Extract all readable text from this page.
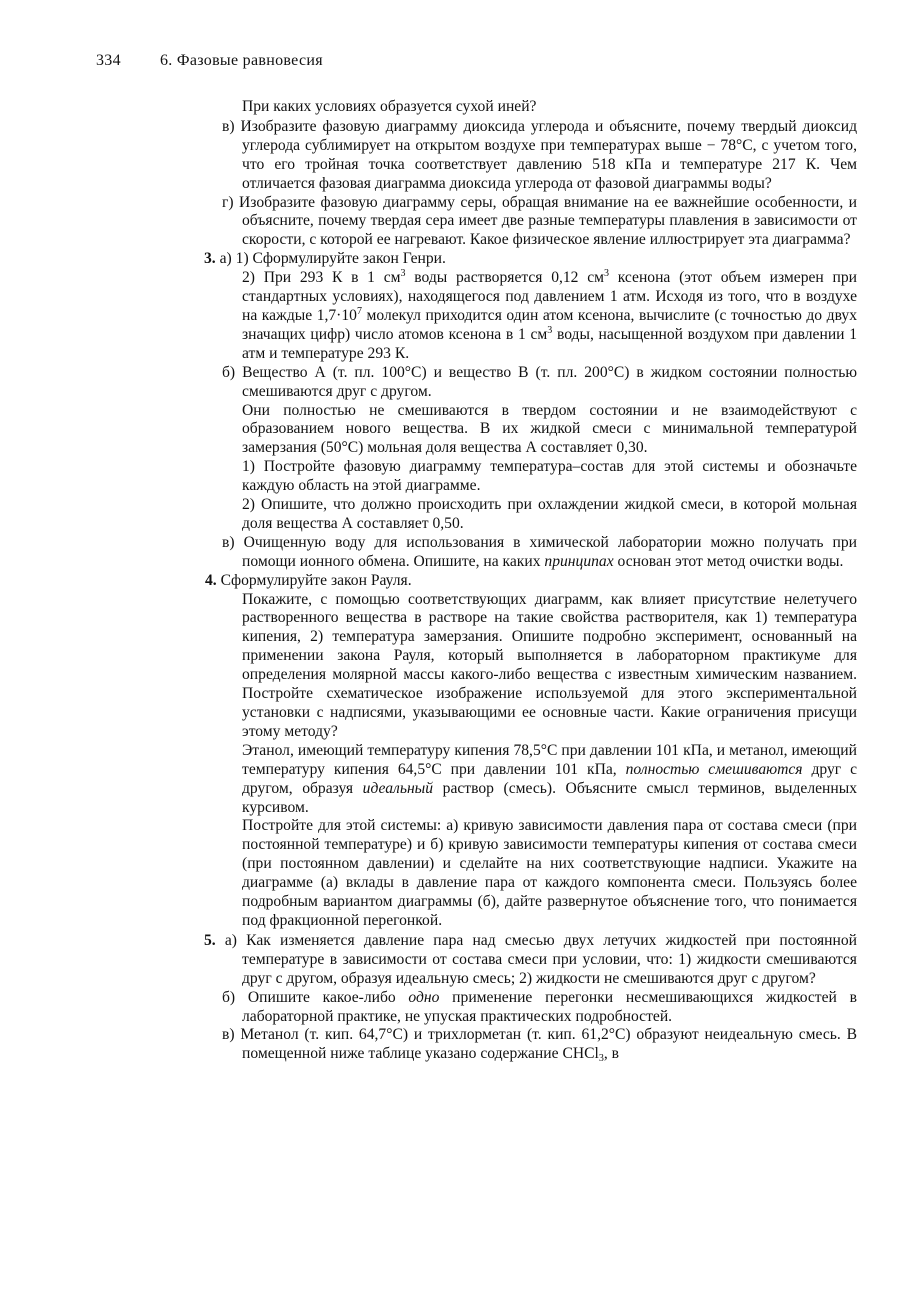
334 6. Фазовые равновесия

При каких условиях образуется сухой иней?

в) Изобразите фазовую диаграмму диоксида углерода и объясните, почему твердый диоксид углерода сублимирует на открытом воздухе при температурах выше − 78°C, с учетом того, что его тройная точка соответствует давлению 518 кПа и температуре 217 К. Чем отличается фазовая диаграмма диоксида углерода от фазовой диаграммы воды?

г) Изобразите фазовую диаграмму серы, обращая внимание на ее важнейшие особенности, и объясните, почему твердая сера имеет две разные температуры плавления в зависимости от скорости, с которой ее нагревают. Какое физическое явление иллюстрирует эта диаграмма?

3. а) 1) Сформулируйте закон Генри.

2) При 293 К в 1 $см^3$ воды растворяется 0,12 $см^3$ ксенона (этот объем измерен при стандартных условиях), находящегося под давлением 1 атм. Исходя из того, что в воздухе на каждые $1,7\cdot 10^7$ молекул приходится один атом ксенона, вычислите (с точностью до двух значащих цифр) число атомов ксенона в 1 $см^3$ воды, насыщенной воздухом при давлении 1 атм и температуре 293 К.

б) Вещество А (т. пл. 100°C) и вещество В (т. пл. 200°C) в жидком состоянии полностью смешиваются друг с другом.

Они полностью не смешиваются в твердом состоянии и не взаимодействуют с образованием нового вещества. В их жидкой смеси с минимальной температурой замерзания (50°C) мольная доля вещества А составляет 0,30.

1) Постройте фазовую диаграмму температура–состав для этой системы и обозначьте каждую область на этой диаграмме.

2) Опишите, что должно происходить при охлаждении жидкой смеси, в которой мольная доля вещества А составляет 0,50.

в) Очищенную воду для использования в химической лаборатории можно получать при помощи ионного обмена. Опишите, на каких принципах основан этот метод очистки воды.

4. Сформулируйте закон Рауля.

Покажите, с помощью соответствующих диаграмм, как влияет присутствие нелетучего растворенного вещества в растворе на такие свойства растворителя, как 1) температура кипения, 2) температура замерзания. Опишите подробно эксперимент, основанный на применении закона Рауля, который выполняется в лабораторном практикуме для определения молярной массы какого-либо вещества с известным химическим названием. Постройте схематическое изображение используемой для этого экспериментальной установки с надписями, указывающими ее основные части. Какие ограничения присущи этому методу?

Этанол, имеющий температуру кипения 78,5°C при давлении 101 кПа, и метанол, имеющий температуру кипения 64,5°C при давлении 101 кПа, полностью смешиваются друг с другом, образуя идеальный раствор (смесь). Объясните смысл терминов, выделенных курсивом.

Постройте для этой системы: а) кривую зависимости давления пара от состава смеси (при постоянной температуре) и б) кривую зависимости температуры кипения от состава смеси (при постоянном давлении) и сделайте на них соответствующие надписи. Укажите на диаграмме (а) вклады в давление пара от каждого компонента смеси. Пользуясь более подробным вариантом диаграммы (б), дайте развернутое объяснение того, что понимается под фракционной перегонкой.

5. а) Как изменяется давление пара над смесью двух летучих жидкостей при постоянной температуре в зависимости от состава смеси при условии, что: 1) жидкости смешиваются друг с другом, образуя идеальную смесь; 2) жидкости не смешиваются друг с другом?

б) Опишите какое-либо одно применение перегонки несмешивающихся жидкостей в лабораторной практике, не упуская практических подробностей.

в) Метанол (т. кип. 64,7°C) и трихлорметан (т. кип. 61,2°C) образуют неидеальную смесь. В помещенной ниже таблице указано содержание CHCl$_3$, в
